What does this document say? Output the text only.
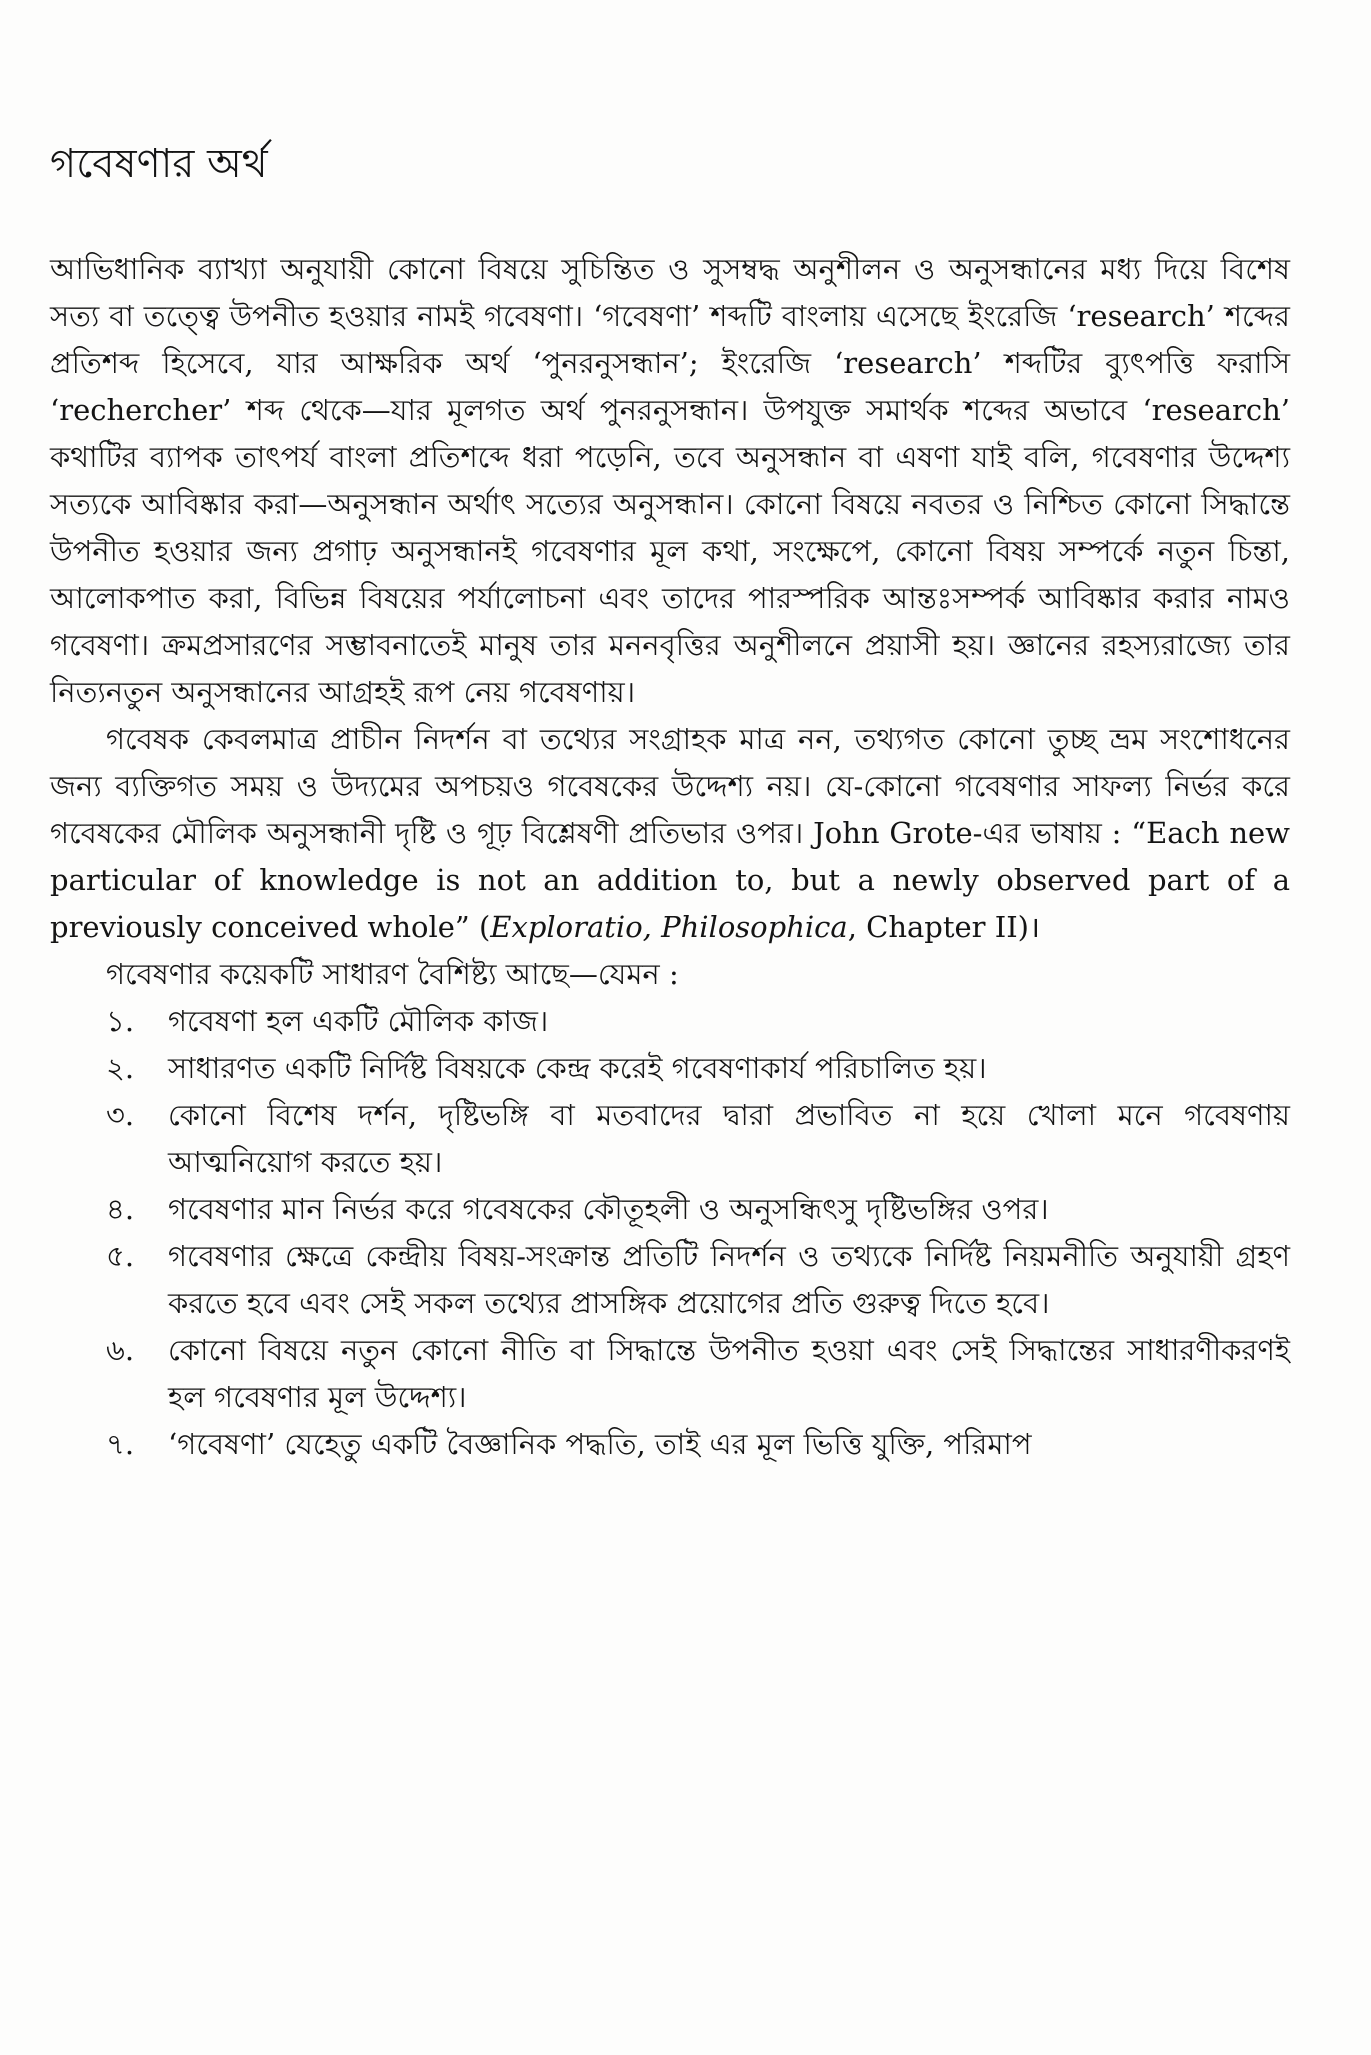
গবেষণার অর্থ

আভিধানিক ব্যাখ্যা অনুযায়ী কোনো বিষয়ে সুচিন্তিত ও সুসম্বদ্ধ অনুশীলন ও অনুসন্ধানের মধ্য দিয়ে বিশেষ সত্য বা তত্ত্বে উপনীত হওয়ার নামই গবেষণা। ‘গবেষণা’ শব্দটি বাংলায় এসেছে ইংরেজি ‘research’ শব্দের প্রতিশব্দ হিসেবে, যার আক্ষরিক অর্থ ‘পুনরনুসন্ধান’; ইংরেজি ‘research’ শব্দটির ব্যুৎপত্তি ফরাসি ‘rechercher’ শব্দ থেকে—যার মূলগত অর্থ পুনরনুসন্ধান। উপযুক্ত সমার্থক শব্দের অভাবে ‘research’ কথাটির ব্যাপক তাৎপর্য বাংলা প্রতিশব্দে ধরা পড়েনি, তবে অনুসন্ধান বা এষণা যাই বলি, গবেষণার উদ্দেশ্য সত্যকে আবিষ্কার করা—অনুসন্ধান অর্থাৎ সত্যের অনুসন্ধান। কোনো বিষয়ে নবতর ও নিশ্চিত কোনো সিদ্ধান্তে উপনীত হওয়ার জন্য প্রগাঢ় অনুসন্ধানই গবেষণার মূল কথা, সংক্ষেপে, কোনো বিষয় সম্পর্কে নতুন চিন্তা, আলোকপাত করা, বিভিন্ন বিষয়ের পর্যালোচনা এবং তাদের পারস্পরিক আন্তঃসম্পর্ক আবিষ্কার করার নামও গবেষণা। ক্রমপ্রসারণের সম্ভাবনাতেই মানুষ তার মননবৃত্তির অনুশীলনে প্রয়াসী হয়। জ্ঞানের রহস্যরাজ্যে তার নিত্যনতুন অনুসন্ধানের আগ্রহই রূপ নেয় গবেষণায়।

গবেষক কেবলমাত্র প্রাচীন নিদর্শন বা তথ্যের সংগ্রাহক মাত্র নন, তথ্যগত কোনো তুচ্ছ ভ্রম সংশোধনের জন্য ব্যক্তিগত সময় ও উদ্যমের অপচয়ও গবেষকের উদ্দেশ্য নয়। যে-কোনো গবেষণার সাফল্য নির্ভর করে গবেষকের মৌলিক অনুসন্ধানী দৃষ্টি ও গূঢ় বিশ্লেষণী প্রতিভার ওপর। John Grote-এর ভাষায় : “Each new particular of knowledge is not an addition to, but a newly observed part of a previously conceived whole” (Exploratio, Philosophica, Chapter II)।

গবেষণার কয়েকটি সাধারণ বৈশিষ্ট্য আছে—যেমন :

১.	গবেষণা হল একটি মৌলিক কাজ।
২.	সাধারণত একটি নির্দিষ্ট বিষয়কে কেন্দ্র করেই গবেষণাকার্য পরিচালিত হয়।
৩.	কোনো বিশেষ দর্শন, দৃষ্টিভঙ্গি বা মতবাদের দ্বারা প্রভাবিত না হয়ে খোলা মনে গবেষণায় আত্মনিয়োগ করতে হয়।
৪.	গবেষণার মান নির্ভর করে গবেষকের কৌতূহলী ও অনুসন্ধিৎসু দৃষ্টিভঙ্গির ওপর।
৫.	গবেষণার ক্ষেত্রে কেন্দ্রীয় বিষয়-সংক্রান্ত প্রতিটি নিদর্শন ও তথ্যকে নির্দিষ্ট নিয়মনীতি অনুযায়ী গ্রহণ করতে হবে এবং সেই সকল তথ্যের প্রাসঙ্গিক প্রয়োগের প্রতি গুরুত্ব দিতে হবে।
৬.	কোনো বিষয়ে নতুন কোনো নীতি বা সিদ্ধান্তে উপনীত হওয়া এবং সেই সিদ্ধান্তের সাধারণীকরণই হল গবেষণার মূল উদ্দেশ্য।
৭.	‘গবেষণা’ যেহেতু একটি বৈজ্ঞানিক পদ্ধতি, তাই এর মূল ভিত্তি যুক্তি, পরিমাপ
